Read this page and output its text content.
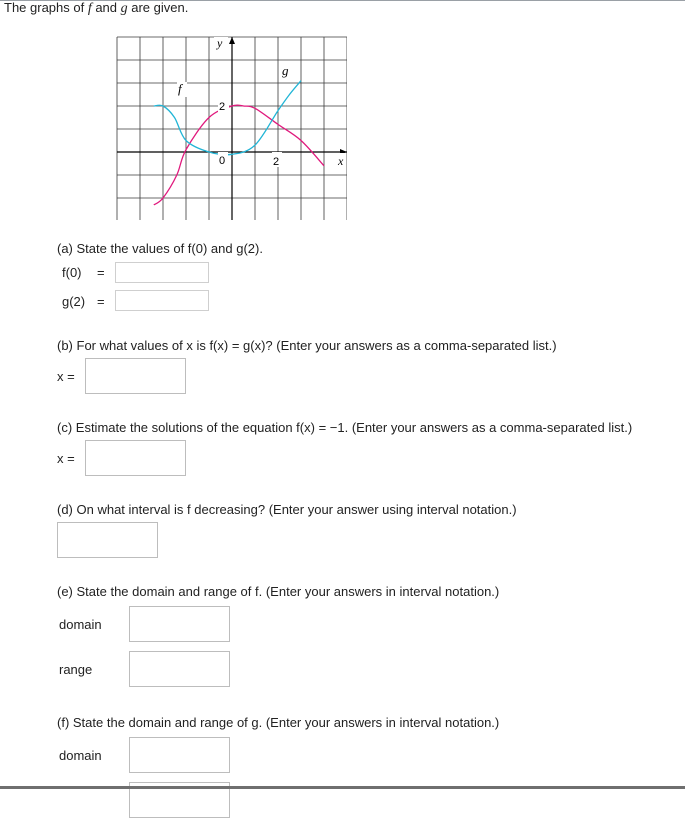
The graphs of f and g are given.
y
x
f
g
2
0	2
(a) State the values of f(0) and g(2).
f(0) =
g(2) =
(b) For what values of x is f(x) = g(x)? (Enter your answers as a comma-separated list.)
x =
(c) Estimate the solutions of the equation f(x) = −1. (Enter your answers as a comma-separated list.)
x =
(d) On what interval is f decreasing? (Enter your answer using interval notation.)
(e) State the domain and range of f. (Enter your answers in interval notation.)
domain
range
(f) State the domain and range of g. (Enter your answers in interval notation.)
domain
